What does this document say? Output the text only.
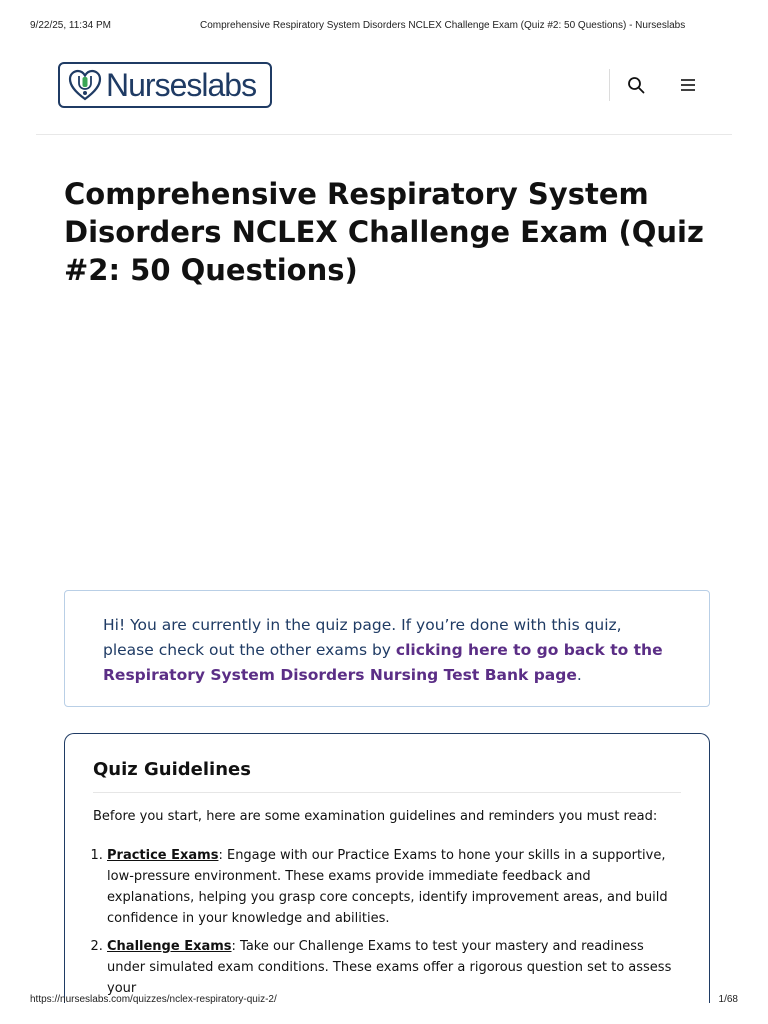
9/22/25, 11:34 PM	Comprehensive Respiratory System Disorders NCLEX Challenge Exam (Quiz #2: 50 Questions) - Nurseslabs
Nurseslabs
Comprehensive Respiratory System Disorders NCLEX Challenge Exam (Quiz #2: 50 Questions)
Hi! You are currently in the quiz page. If you’re done with this quiz, please check out the other exams by clicking here to go back to the Respiratory System Disorders Nursing Test Bank page.
Quiz Guidelines

Before you start, here are some examination guidelines and reminders you must read:

1. Practice Exams: Engage with our Practice Exams to hone your skills in a supportive, low-pressure environment. These exams provide immediate feedback and explanations, helping you grasp core concepts, identify improvement areas, and build confidence in your knowledge and abilities.
2. Challenge Exams: Take our Challenge Exams to test your mastery and readiness under simulated exam conditions. These exams offer a rigorous question set to assess your
https://nurseslabs.com/quizzes/nclex-respiratory-quiz-2/	1/68
